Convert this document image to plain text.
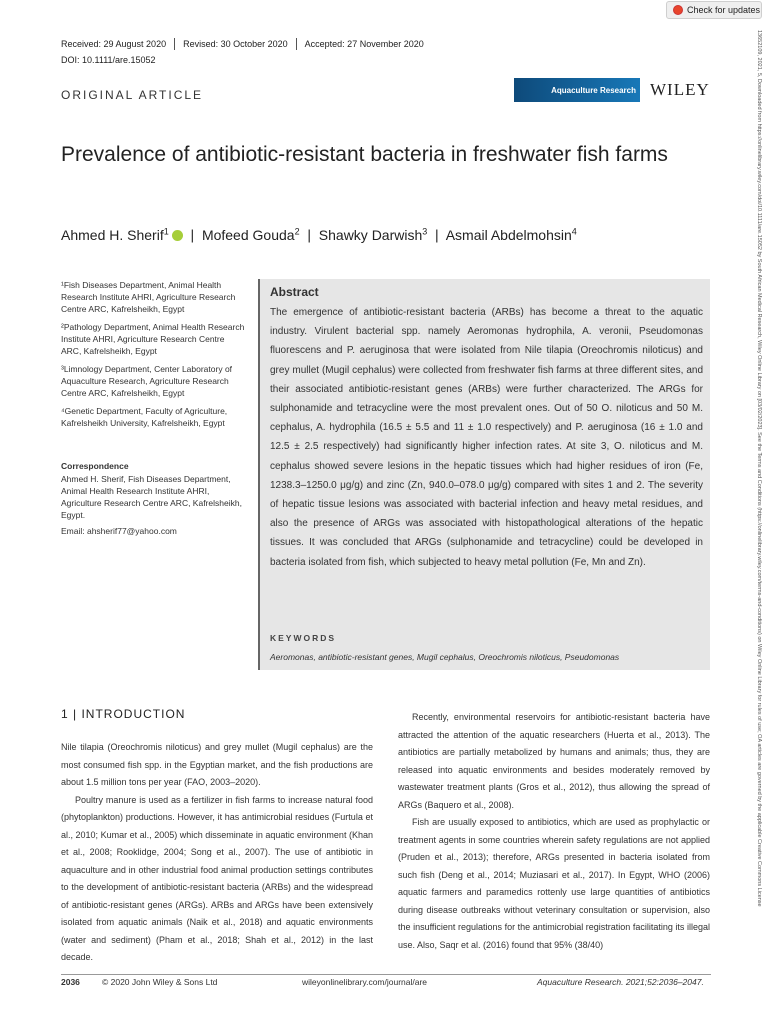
Check for updates
Received: 29 August 2020	Revised: 30 October 2020	Accepted: 27 November 2020
DOI: 10.1111/are.15052
ORIGINAL ARTICLE	Aquaculture Research WILEY
Prevalence of antibiotic-resistant bacteria in freshwater fish farms
Ahmed H. Sherif$^1$  |  Mofeed Gouda$^2$  |  Shawky Darwish$^3$  |  Asmail Abdelmohsin$^4$
¹Fish Diseases Department, Animal Health Research Institute AHRI, Agriculture Research Centre ARC, Kafrelsheikh, Egypt
²Pathology Department, Animal Health Research Institute AHRI, Agriculture Research Centre ARC, Kafrelsheikh, Egypt
³Limnology Department, Center Laboratory of Aquaculture Research, Agriculture Research Centre ARC, Kafrelsheikh, Egypt
⁴Genetic Department, Faculty of Agriculture, Kafrelsheikh University, Kafrelsheikh, Egypt
Correspondence
Ahmed H. Sherif, Fish Diseases Department, Animal Health Research Institute AHRI, Agriculture Research Centre ARC, Kafrelsheikh, Egypt.
Email: ahsherif77@yahoo.com
Abstract
The emergence of antibiotic-resistant bacteria (ARBs) has become a threat to the aquatic industry. Virulent bacterial spp. namely Aeromonas hydrophila, A. veronii, Pseudomonas fluorescens and P. aeruginosa that were isolated from Nile tilapia (Oreochromis niloticus) and grey mullet (Mugil cephalus) were collected from freshwater fish farms at three different sites, and their associated antibiotic-resistant genes (ARBs) were further characterized. The ARGs for sulphonamide and tetracycline were the most prevalent ones. Out of 50 O. niloticus and 50 M. cephalus, A. hydrophila (16.5 ± 5.5 and 11 ± 1.0 respectively) and P. aeruginosa (16 ± 1.0 and 12.5 ± 2.5 respectively) had significantly higher infection rates. At site 3, O. niloticus and M. cephalus showed severe lesions in the hepatic tissues which had higher residues of iron (Fe, 1238.3–1250.0 μg/g) and zinc (Zn, 940.0–078.0 μg/g) compared with sites 1 and 2. The severity of hepatic tissue lesions was associated with bacterial infection and heavy metal residues, and also the presence of ARGs was associated with histopathological alterations of the hepatic tissues. It was concluded that ARGs (sulphonamide and tetracycline) could be developed in bacteria isolated from fish, which subjected to heavy metal pollution (Fe, Mn and Zn).
KEYWORDS
Aeromonas, antibiotic-resistant genes, Mugil cephalus, Oreochromis niloticus, Pseudomonas
1 | INTRODUCTION

Nile tilapia (Oreochromis niloticus) and grey mullet (Mugil cephalus) are the most consumed fish spp. in the Egyptian market, and the fish productions are about 1.5 million tons per year (FAO, 2003–2020).

Poultry manure is used as a fertilizer in fish farms to increase natural food (phytoplankton) productions. However, it has antimicrobial residues (Furtula et al., 2010; Kumar et al., 2005) which disseminate in aquatic environment (Khan et al., 2008; Rooklidge, 2004; Song et al., 2007). The use of antibiotic in aquaculture and in other industrial food animal production settings contributes to the development of antibiotic-resistant bacteria (ARBs) and the widespread of antibiotic-resistant genes (ARGs). ARBs and ARGs have been extensively isolated from aquatic animals (Naik et al., 2018) and aquatic environments (water and sediment) (Pham et al., 2018; Shah et al., 2012) in the last decade.

Recently, environmental reservoirs for antibiotic-resistant bacteria have attracted the attention of the aquatic researchers (Huerta et al., 2013). The antibiotics are partially metabolized by humans and animals; thus, they are released into aquatic environments and besides moderately removed by wastewater treatment plants (Gros et al., 2012), thus allowing the spread of ARGs (Baquero et al., 2008).

Fish are usually exposed to antibiotics, which are used as prophylactic or treatment agents in some countries wherein safety regulations are not applied (Pruden et al., 2013); therefore, ARGs presented in bacteria isolated from such fish (Deng et al., 2014; Muziasari et al., 2017). In Egypt, WHO (2006) aquatic farmers and paramedics rottenly use large quantities of antibiotics during disease outbreaks without veterinary consultation or supervision, also the insufficient regulations for the antimicrobial registration facilitating its illegal use. Also, Saqr et al. (2016) found that 95% (38/40)

2036	© 2020 John Wiley & Sons Ltd	wileyonlinelibrary.com/journal/are	Aquaculture Research. 2021;52:2036–2047.
13652109, 2021, 5, Downloaded from https://onlinelibrary.wiley.com/doi/10.1111/are.15052 by South African Medical Research, Wiley Online Library on [03/02/2023]. See the Terms and Conditions (https://onlinelibrary.wiley.com/terms-and-conditions) on Wiley Online Library for rules of use; OA articles are governed by the applicable Creative Commons License
